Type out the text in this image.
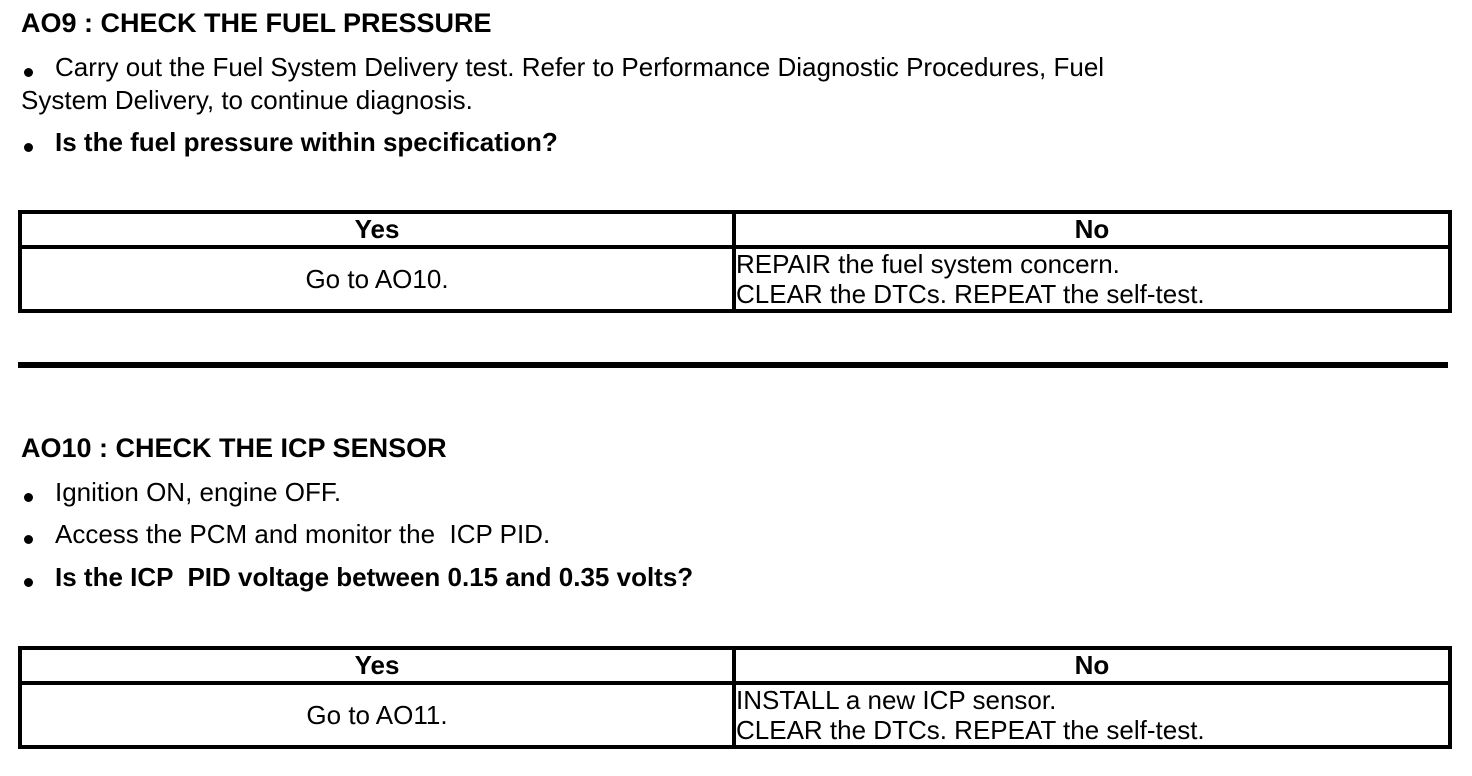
AO9 : CHECK THE FUEL PRESSURE
Carry out the Fuel System Delivery test. Refer to Performance Diagnostic Procedures, Fuel
System Delivery, to continue diagnosis.
Is the fuel pressure within specification?
Yes	No
Go to AO10.	REPAIR the fuel system concern.
CLEAR the DTCs. REPEAT the self-test.
AO10 : CHECK THE ICP SENSOR
Ignition ON, engine OFF.
Access the PCM and monitor the  ICP PID.
Is the ICP  PID voltage between 0.15 and 0.35 volts?
Yes	No
Go to AO11.	INSTALL a new ICP sensor.
CLEAR the DTCs. REPEAT the self-test.
